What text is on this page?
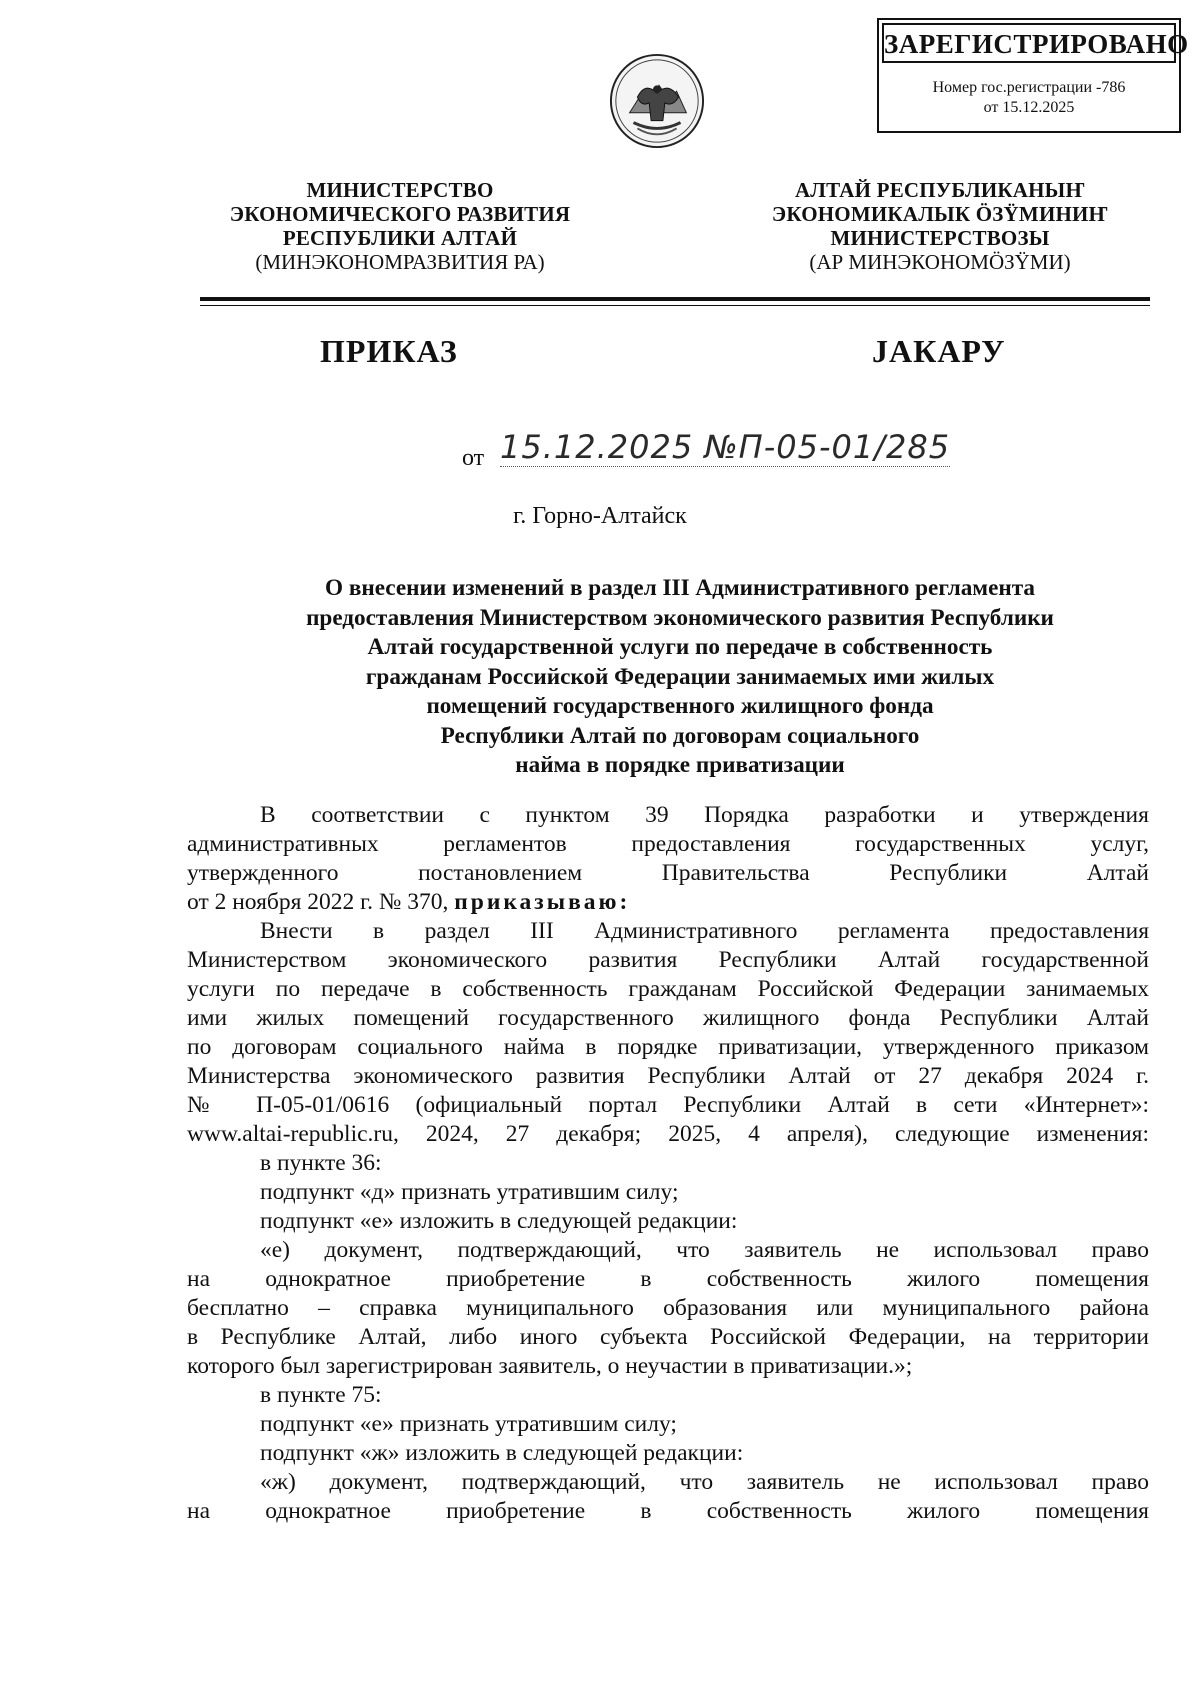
ЗАРЕГИСТРИРОВАНО
Номер гос.регистрации -786
от 15.12.2025
МИНИСТЕРСТВО
ЭКОНОМИЧЕСКОГО РАЗВИТИЯ
РЕСПУБЛИКИ АЛТАЙ
(МИНЭКОНОМРАЗВИТИЯ РА)
АЛТАЙ РЕСПУБЛИКАНЫҤ
ЭКОНОМИКАЛЫК ÖЗŸМИНИҤ
МИНИСТЕРСТВОЗЫ
(АР МИНЭКОНОМÖЗŸМИ)
ПРИКАЗ	ЈАКАРУ
от 15.12.2025 №П-05-01/285
г. Горно-Алтайск
О внесении изменений в раздел III Административного регламента
предоставления Министерством экономического развития Республики
Алтай государственной услуги по передаче в собственность
гражданам Российской Федерации занимаемых ими жилых
помещений государственного жилищного фонда
Республики Алтай по договорам социального
найма в порядке приватизации
В соответствии с пунктом 39 Порядка разработки и утверждения
административных	регламентов	предоставления	государственных	услуг,
утвержденного	постановлением	Правительства	Республики	Алтай
от 2 ноября 2022 г. № 370, приказываю:
Внести в раздел III Административного регламента предоставления
Министерством экономического развития Республики Алтай государственной
услуги по передаче в собственность гражданам Российской Федерации занимаемых
ими жилых помещений государственного жилищного фонда Республики Алтай
по договорам социального найма в порядке приватизации, утвержденного приказом
Министерства экономического развития Республики Алтай от 27 декабря 2024 г.
№ П-05-01/0616 (официальный портал Республики Алтай в сети «Интернет»:
www.altai-republic.ru, 2024, 27 декабря; 2025, 4 апреля), следующие изменения:
в пункте 36:
подпункт «д» признать утратившим силу;
подпункт «е» изложить в следующей редакции:
«е) документ, подтверждающий, что заявитель не использовал право
на однократное приобретение в собственность жилого помещения
бесплатно – справка муниципального образования или муниципального района
в Республике Алтай, либо иного субъекта Российской Федерации, на территории
которого был зарегистрирован заявитель, о неучастии в приватизации.»;
в пункте 75:
подпункт «е» признать утратившим силу;
подпункт «ж» изложить в следующей редакции:
«ж) документ, подтверждающий, что заявитель не использовал право
на однократное приобретение в собственность жилого помещения
